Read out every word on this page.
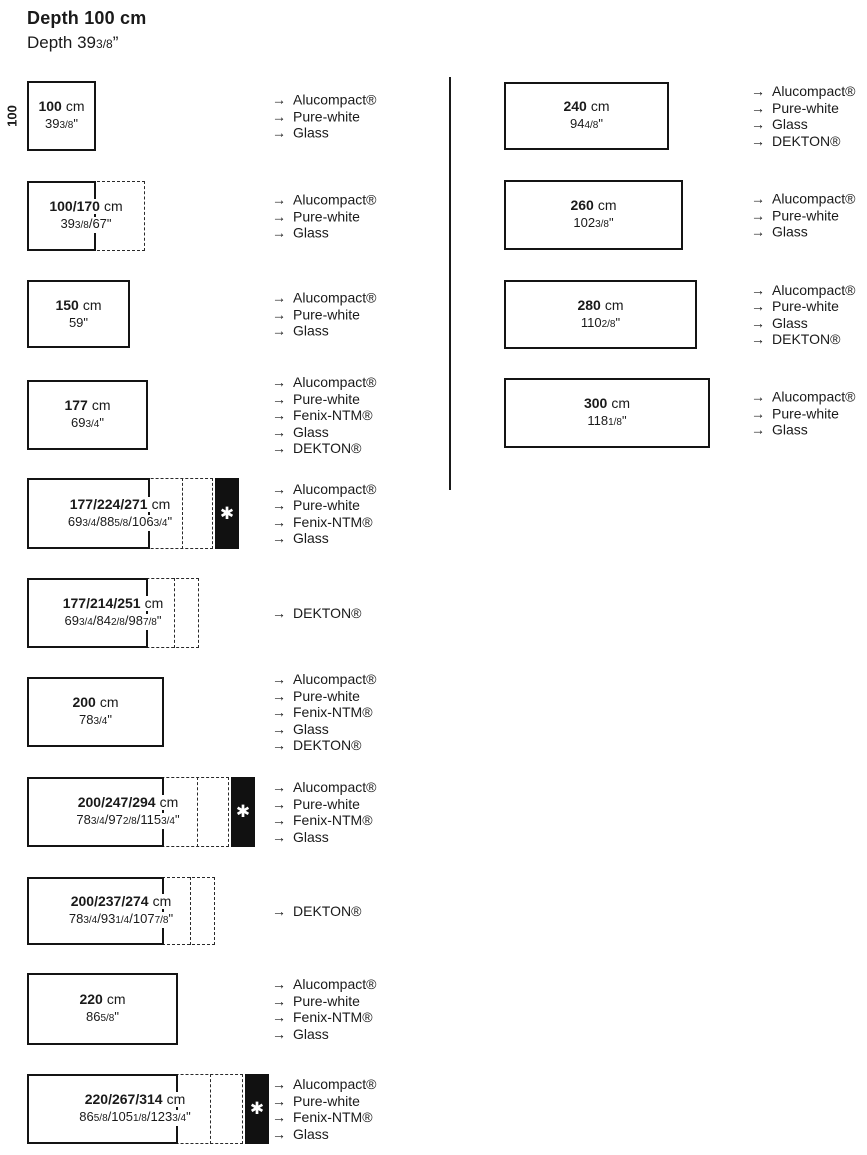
Depth 100 cm
Depth 393/8”
100 100 cm
393/8"
→ Alucompact®
→ Pure-white
→ Glass
100/170 cm
393/8/67"
→ Alucompact®
→ Pure-white
→ Glass
150 cm
59"
→ Alucompact®
→ Pure-white
→ Glass
177 cm
693/4"
→ Alucompact®
→ Pure-white
→ Fenix-NTM®
→ Glass
→ DEKTON®
177/224/271 cm
693/4/885/8/1063/4"	✱
→ Alucompact®
→ Pure-white
→ Fenix-NTM®
→ Glass
177/214/251 cm
693/4/842/8/987/8"	→ DEKTON®
200 cm
783/4"
→ Alucompact®
→ Pure-white
→ Fenix-NTM®
→ Glass
→ DEKTON®
200/247/294 cm
783/4/972/8/1153/4"	✱
→ Alucompact®
→ Pure-white
→ Fenix-NTM®
→ Glass
200/237/274 cm
783/4/931/4/1077/8"	→ DEKTON®
220 cm
865/8"
→ Alucompact®
→ Pure-white
→ Fenix-NTM®
→ Glass
220/267/314 cm
865/8/1051/8/1233/4"	✱
→ Alucompact®
→ Pure-white
→ Fenix-NTM®
→ Glass
240 cm
944/8"
→ Alucompact®
→ Pure-white
→ Glass
→ DEKTON®
260 cm
1023/8"
→ Alucompact®
→ Pure-white
→ Glass
280 cm
1102/8"
→ Alucompact®
→ Pure-white
→ Glass
→ DEKTON®
300 cm
1181/8"
→ Alucompact®
→ Pure-white
→ Glass
